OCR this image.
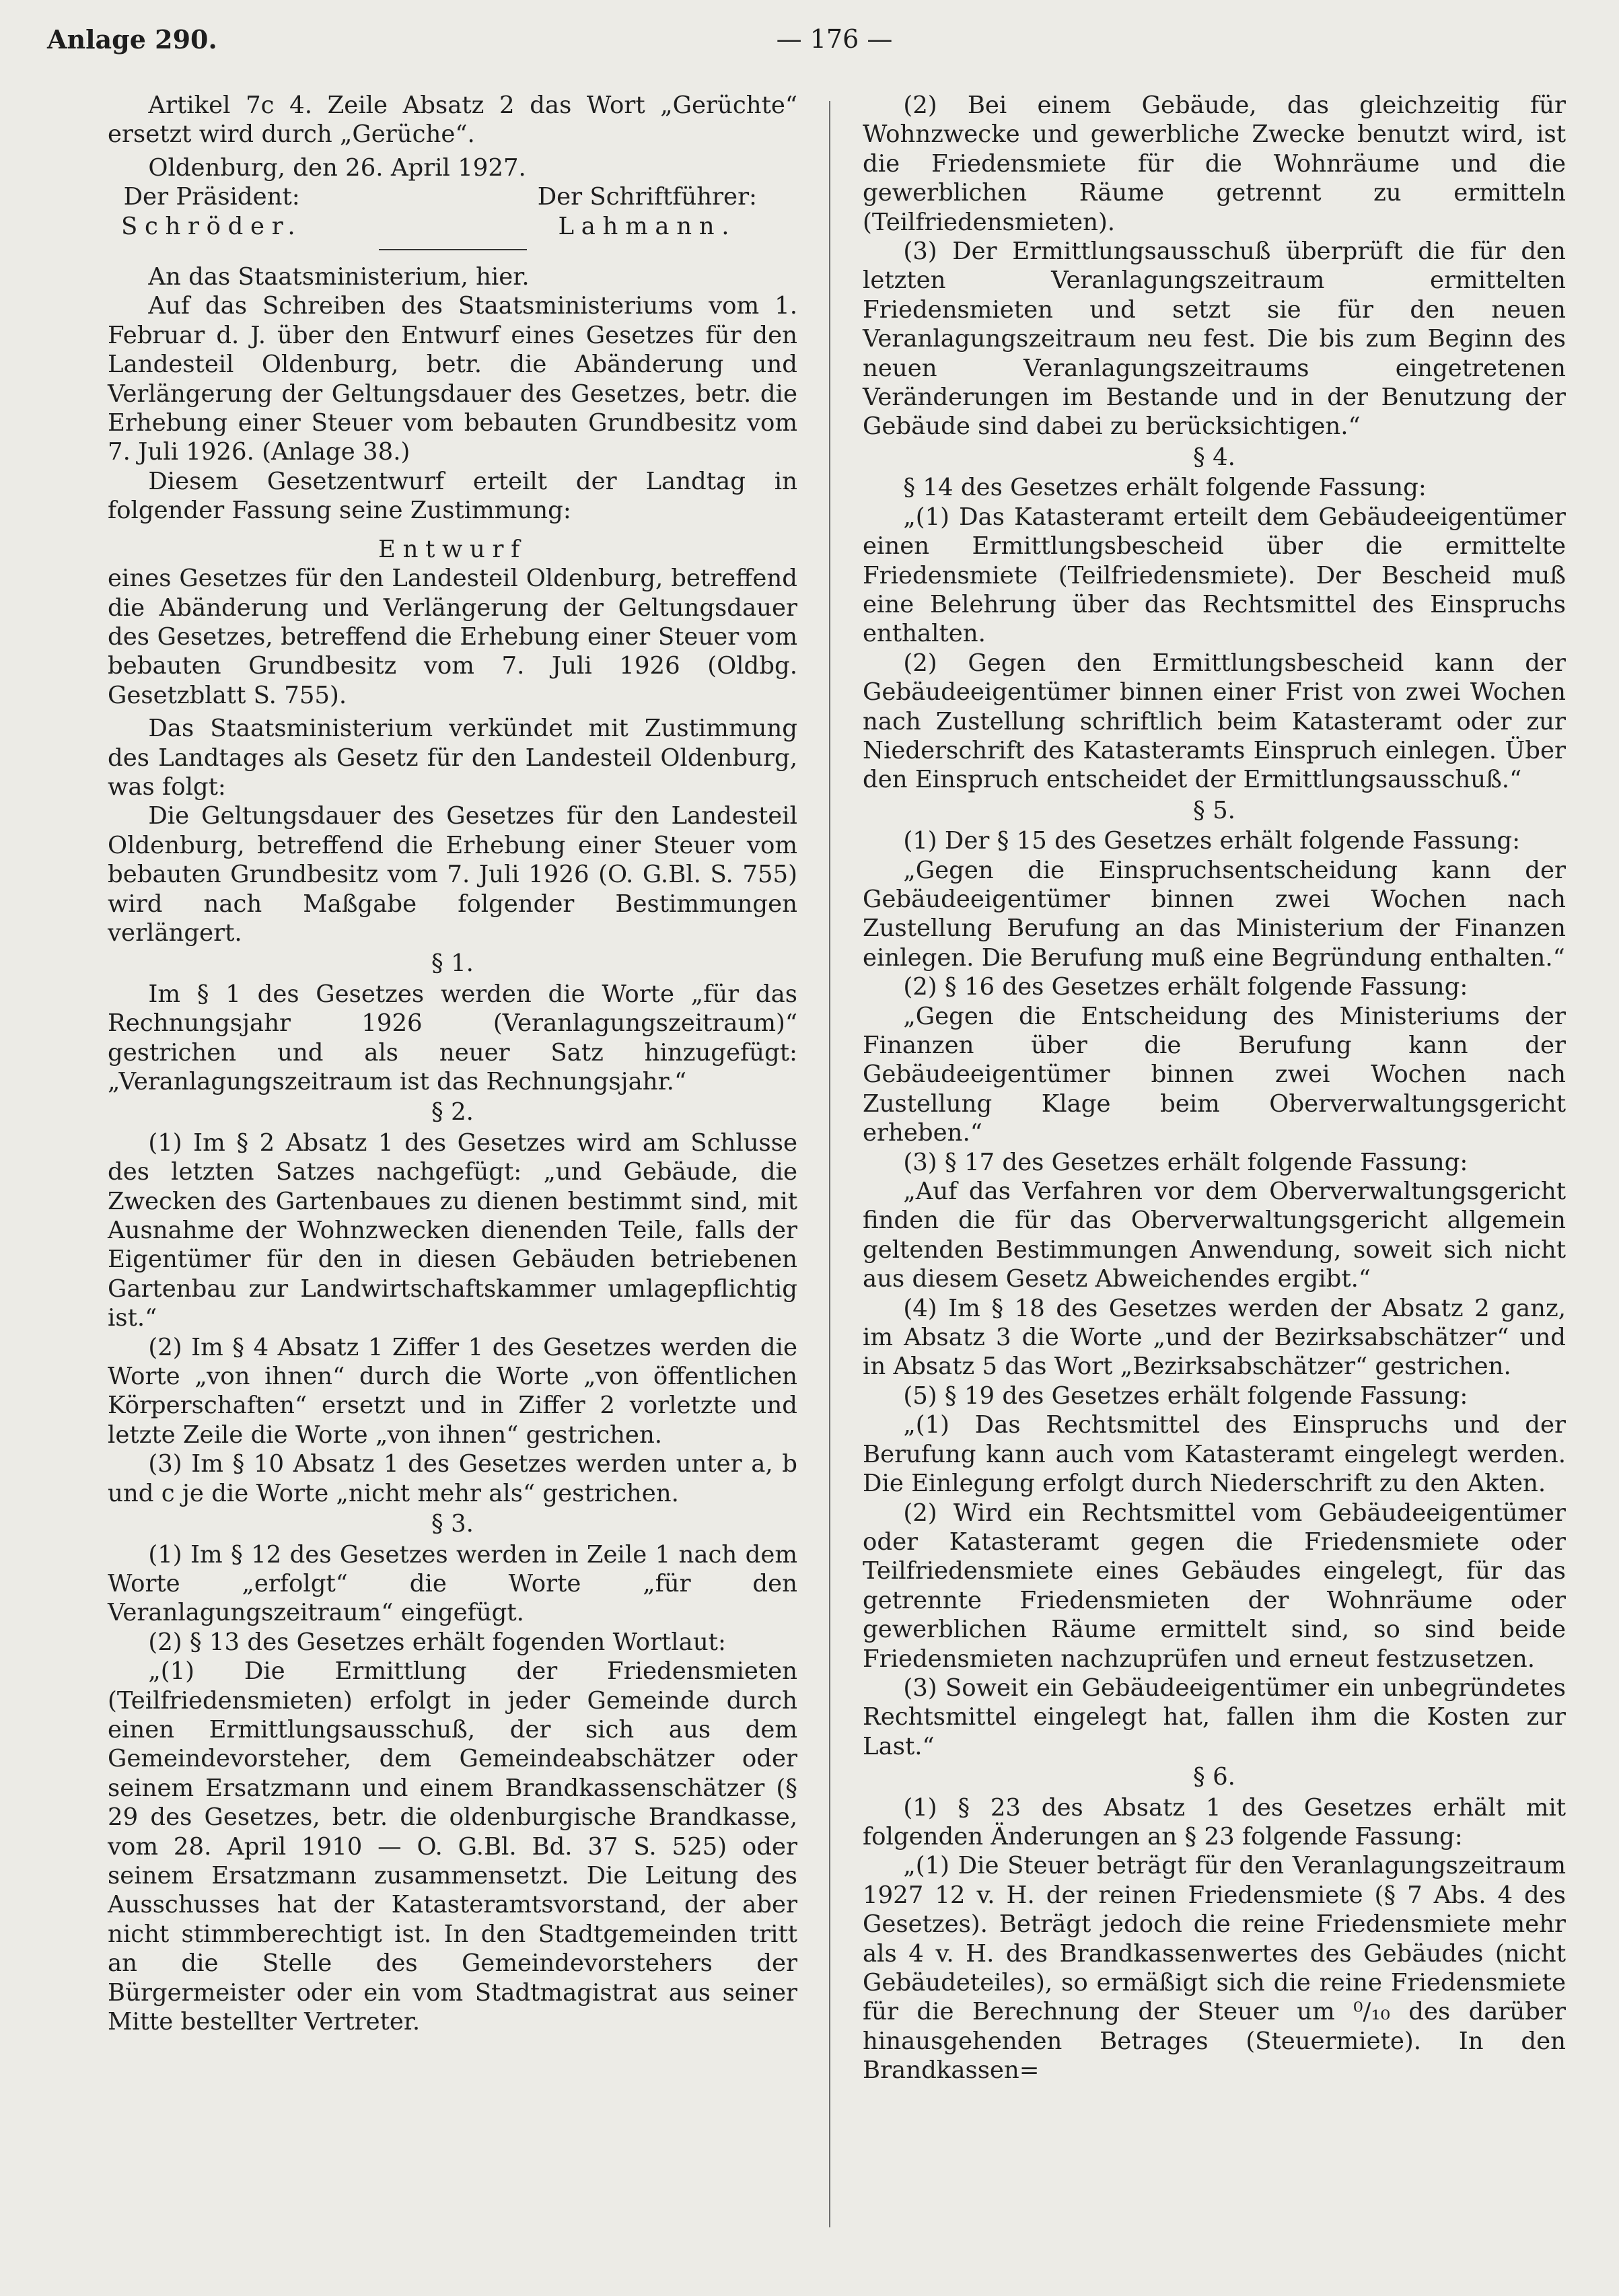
Anlage 290.	— 176 —

Artikel 7c 4. Zeile Absatz 2 das Wort „Gerüchte“ ersetzt wird durch „Gerüche“.

Oldenburg, den 26. April 1927.

Der Präsident:
Schröder.
Der Schriftführer:
Lahmann.

An das Staatsministerium, hier.

Auf das Schreiben des Staatsministeriums vom 1. Februar d. J. über den Entwurf eines Gesetzes für den Landesteil Oldenburg, betr. die Abänderung und Verlängerung der Geltungsdauer des Gesetzes, betr. die Erhebung einer Steuer vom bebauten Grundbesitz vom 7. Juli 1926. (Anlage 38.)

Diesem Gesetzentwurf erteilt der Landtag in folgender Fassung seine Zustimmung:

Entwurf

eines Gesetzes für den Landesteil Oldenburg, betreffend die Abänderung und Verlängerung der Geltungsdauer des Gesetzes, betreffend die Erhebung einer Steuer vom bebauten Grundbesitz vom 7. Juli 1926 (Oldbg. Gesetzblatt S. 755).

Das Staatsministerium verkündet mit Zustimmung des Landtages als Gesetz für den Landesteil Oldenburg, was folgt:

Die Geltungsdauer des Gesetzes für den Landesteil Oldenburg, betreffend die Erhebung einer Steuer vom bebauten Grundbesitz vom 7. Juli 1926 (O. G.Bl. S. 755) wird nach Maßgabe folgender Bestimmungen verlängert.

§ 1.

Im § 1 des Gesetzes werden die Worte „für das Rechnungsjahr 1926 (Veranlagungszeitraum)“ gestrichen und als neuer Satz hinzugefügt: „Veranlagungszeitraum ist das Rechnungsjahr.“

§ 2.

(1) Im § 2 Absatz 1 des Gesetzes wird am Schlusse des letzten Satzes nachgefügt: „und Gebäude, die Zwecken des Gartenbaues zu dienen bestimmt sind, mit Ausnahme der Wohnzwecken dienenden Teile, falls der Eigentümer für den in diesen Gebäuden betriebenen Gartenbau zur Landwirtschaftskammer umlagepflichtig ist.“

(2) Im § 4 Absatz 1 Ziffer 1 des Gesetzes werden die Worte „von ihnen“ durch die Worte „von öffentlichen Körperschaften“ ersetzt und in Ziffer 2 vorletzte und letzte Zeile die Worte „von ihnen“ gestrichen.

(3) Im § 10 Absatz 1 des Gesetzes werden unter a, b und c je die Worte „nicht mehr als“ gestrichen.

§ 3.

(1) Im § 12 des Gesetzes werden in Zeile 1 nach dem Worte „erfolgt“ die Worte „für den Veranlagungszeitraum“ eingefügt.

(2) § 13 des Gesetzes erhält fogenden Wortlaut:

„(1) Die Ermittlung der Friedensmieten (Teilfriedensmieten) erfolgt in jeder Gemeinde durch einen Ermittlungsausschuß, der sich aus dem Gemeindevorsteher, dem Gemeindeabschätzer oder seinem Ersatzmann und einem Brandkassenschätzer (§ 29 des Gesetzes, betr. die oldenburgische Brandkasse, vom 28. April 1910 — O. G.Bl. Bd. 37 S. 525) oder seinem Ersatzmann zusammensetzt. Die Leitung des Ausschusses hat der Katasteramtsvorstand, der aber nicht stimmberechtigt ist. In den Stadtgemeinden tritt an die Stelle des Gemeindevorstehers der Bürgermeister oder ein vom Stadtmagistrat aus seiner Mitte bestellter Vertreter.

(2) Bei einem Gebäude, das gleichzeitig für Wohnzwecke und gewerbliche Zwecke benutzt wird, ist die Friedensmiete für die Wohnräume und die gewerblichen Räume getrennt zu ermitteln (Teilfriedensmieten).

(3) Der Ermittlungsausschuß überprüft die für den letzten Veranlagungszeitraum ermittelten Friedensmieten und setzt sie für den neuen Veranlagungszeitraum neu fest. Die bis zum Beginn des neuen Veranlagungszeitraums eingetretenen Veränderungen im Bestande und in der Benutzung der Gebäude sind dabei zu berücksichtigen.“

§ 4.

§ 14 des Gesetzes erhält folgende Fassung:

„(1) Das Katasteramt erteilt dem Gebäudeeigentümer einen Ermittlungsbescheid über die ermittelte Friedensmiete (Teilfriedensmiete). Der Bescheid muß eine Belehrung über das Rechtsmittel des Einspruchs enthalten.

(2) Gegen den Ermittlungsbescheid kann der Gebäudeeigentümer binnen einer Frist von zwei Wochen nach Zustellung schriftlich beim Katasteramt oder zur Niederschrift des Katasteramts Einspruch einlegen. Über den Einspruch entscheidet der Ermittlungsausschuß.“

§ 5.

(1) Der § 15 des Gesetzes erhält folgende Fassung:

„Gegen die Einspruchsentscheidung kann der Gebäudeeigentümer binnen zwei Wochen nach Zustellung Berufung an das Ministerium der Finanzen einlegen. Die Berufung muß eine Begründung enthalten.“

(2) § 16 des Gesetzes erhält folgende Fassung:

„Gegen die Entscheidung des Ministeriums der Finanzen über die Berufung kann der Gebäudeeigentümer binnen zwei Wochen nach Zustellung Klage beim Oberverwaltungsgericht erheben.“

(3) § 17 des Gesetzes erhält folgende Fassung:

„Auf das Verfahren vor dem Oberverwaltungsgericht finden die für das Oberverwaltungsgericht allgemein geltenden Bestimmungen Anwendung, soweit sich nicht aus diesem Gesetz Abweichendes ergibt.“

(4) Im § 18 des Gesetzes werden der Absatz 2 ganz, im Absatz 3 die Worte „und der Bezirksabschätzer“ und in Absatz 5 das Wort „Bezirksabschätzer“ gestrichen.

(5) § 19 des Gesetzes erhält folgende Fassung:

„(1) Das Rechtsmittel des Einspruchs und der Berufung kann auch vom Katasteramt eingelegt werden. Die Einlegung erfolgt durch Niederschrift zu den Akten.

(2) Wird ein Rechtsmittel vom Gebäudeeigentümer oder Katasteramt gegen die Friedensmiete oder Teilfriedensmiete eines Gebäudes eingelegt, für das getrennte Friedensmieten der Wohnräume oder gewerblichen Räume ermittelt sind, so sind beide Friedensmieten nachzuprüfen und erneut festzusetzen.

(3) Soweit ein Gebäudeeigentümer ein unbegründetes Rechtsmittel eingelegt hat, fallen ihm die Kosten zur Last.“

§ 6.

(1) § 23 des Absatz 1 des Gesetzes erhält mit folgenden Änderungen an § 23 folgende Fassung:

„(1) Die Steuer beträgt für den Veranlagungszeitraum 1927 12 v. H. der reinen Friedensmiete (§ 7 Abs. 4 des Gesetzes). Beträgt jedoch die reine Friedensmiete mehr als 4 v. H. des Brandkassenwertes des Gebäudes (nicht Gebäudeteiles), so ermäßigt sich die reine Friedensmiete für die Berechnung der Steuer um ⁰/₁₀ des darüber hinausgehenden Betrages (Steuermiete). In den Brandkassen=
